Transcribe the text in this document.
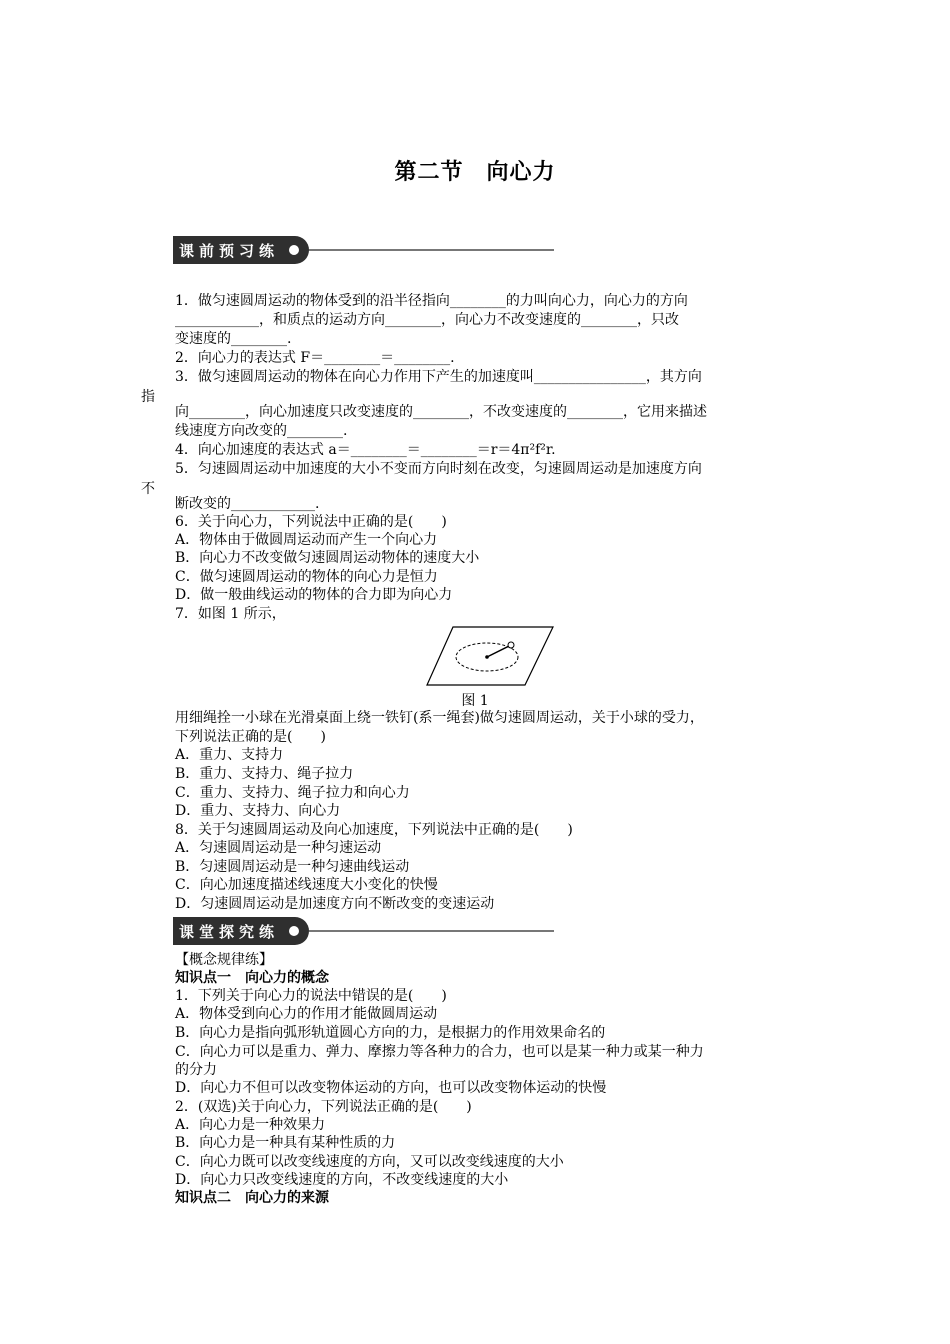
第二节　向心力
课前预习练
1．做匀速圆周运动的物体受到的沿半径指向________的力叫向心力，向心力的方向
____________，和质点的运动方向________，向心力不改变速度的________，只改
变速度的________.
2．向心力的表达式 F＝________＝________.
3．做匀速圆周运动的物体在向心力作用下产生的加速度叫________________，其方向
指
向________，向心加速度只改变速度的________，不改变速度的________，它用来描述
线速度方向改变的________.
4．向心加速度的表达式 a＝________＝________＝r＝4π²f²r.
5．匀速圆周运动中加速度的大小不变而方向时刻在改变，匀速圆周运动是加速度方向
不
断改变的____________.
6．关于向心力，下列说法中正确的是(　　)
A．物体由于做圆周运动而产生一个向心力
B．向心力不改变做匀速圆周运动物体的速度大小
C．做匀速圆周运动的物体的向心力是恒力
D．做一般曲线运动的物体的合力即为向心力
7．如图 1 所示，
图 1
用细绳拴一小球在光滑桌面上绕一铁钉(系一绳套)做匀速圆周运动，关于小球的受力，
下列说法正确的是(　　)
A．重力、支持力
B．重力、支持力、绳子拉力
C．重力、支持力、绳子拉力和向心力
D．重力、支持力、向心力
8．关于匀速圆周运动及向心加速度，下列说法中正确的是(　　)
A．匀速圆周运动是一种匀速运动
B．匀速圆周运动是一种匀速曲线运动
C．向心加速度描述线速度大小变化的快慢
D．匀速圆周运动是加速度方向不断改变的变速运动
课堂探究练
【概念规律练】
知识点一　向心力的概念
1．下列关于向心力的说法中错误的是(　　)
A．物体受到向心力的作用才能做圆周运动
B．向心力是指向弧形轨道圆心方向的力，是根据力的作用效果命名的
C．向心力可以是重力、弹力、摩擦力等各种力的合力，也可以是某一种力或某一种力
的分力
D．向心力不但可以改变物体运动的方向，也可以改变物体运动的快慢
2．(双选)关于向心力，下列说法正确的是(　　)
A．向心力是一种效果力
B．向心力是一种具有某种性质的力
C．向心力既可以改变线速度的方向，又可以改变线速度的大小
D．向心力只改变线速度的方向，不改变线速度的大小
知识点二　向心力的来源
